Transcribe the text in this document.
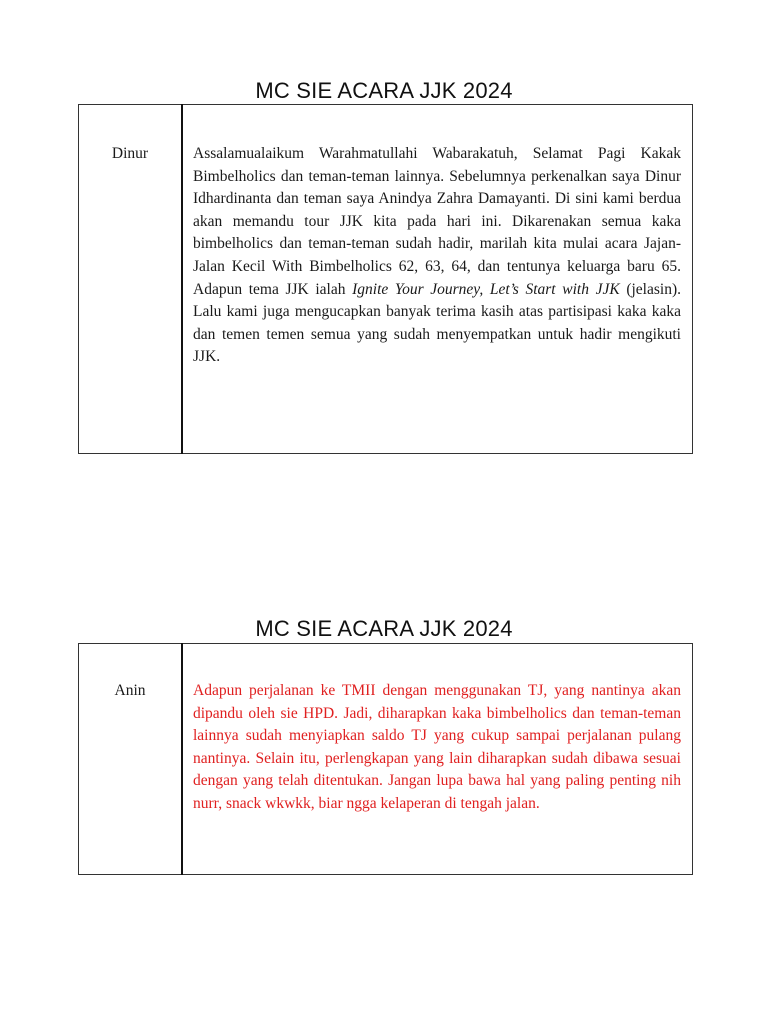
MC SIE ACARA JJK 2024
Dinur	Assalamualaikum Warahmatullahi Wabarakatuh, Selamat Pagi Kakak Bimbelholics dan teman-teman lainnya. Sebelumnya perkenalkan saya Dinur Idhardinanta dan teman saya Anindya Zahra Damayanti. Di sini kami berdua akan memandu tour JJK kita pada hari ini. Dikarenakan semua kaka bimbelholics dan teman-teman sudah hadir, marilah kita mulai acara Jajan-Jalan Kecil With Bimbelholics 62, 63, 64, dan tentunya keluarga baru 65. Adapun tema JJK ialah Ignite Your Journey, Let’s Start with JJK (jelasin). Lalu kami juga mengucapkan banyak terima kasih atas partisipasi kaka kaka dan temen temen semua yang sudah menyempatkan untuk hadir mengikuti JJK.

MC SIE ACARA JJK 2024
Anin	Adapun perjalanan ke TMII dengan menggunakan TJ, yang nantinya akan dipandu oleh sie HPD. Jadi, diharapkan kaka bimbelholics dan teman-teman lainnya sudah menyiapkan saldo TJ yang cukup sampai perjalanan pulang nantinya. Selain itu, perlengkapan yang lain diharapkan sudah dibawa sesuai dengan yang telah ditentukan. Jangan lupa bawa hal yang paling penting nih nurr, snack wkwkk, biar ngga kelaperan di tengah jalan.
